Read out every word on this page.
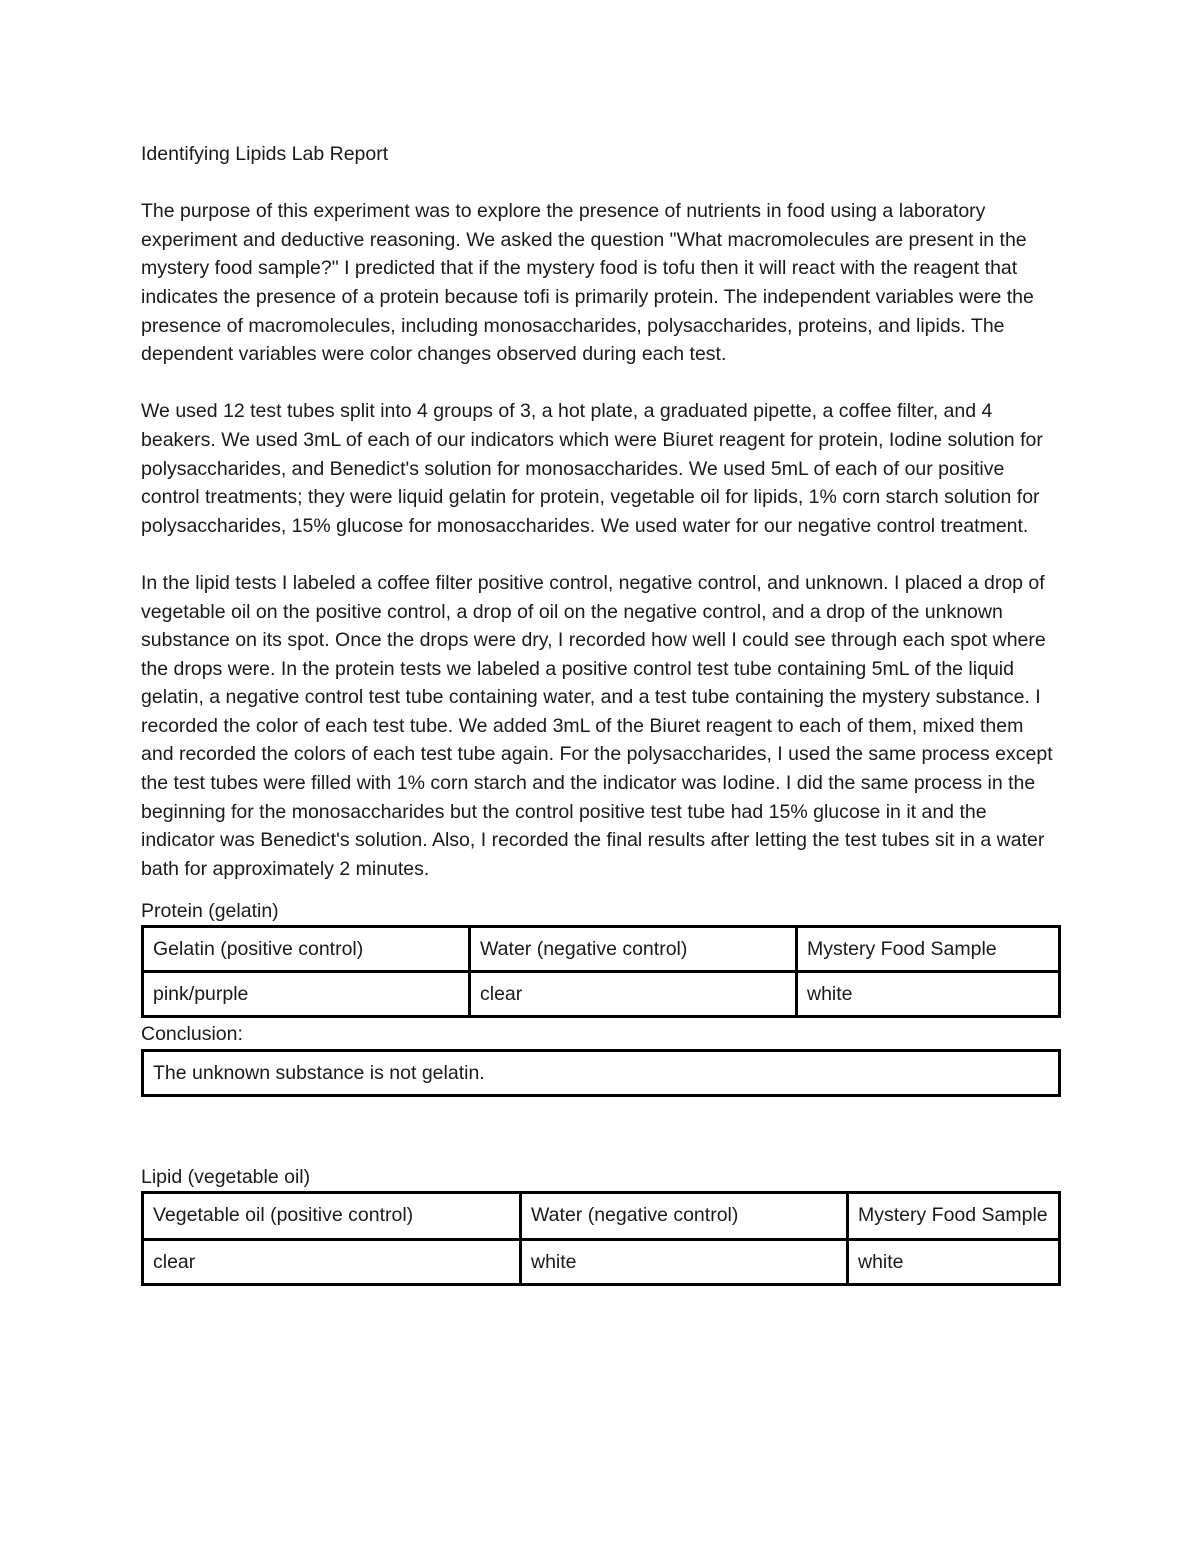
Identifying Lipids Lab Report

The purpose of this experiment was to explore the presence of nutrients in food using a laboratory experiment and deductive reasoning. We asked the question "What macromolecules are present in the mystery food sample?" I predicted that if the mystery food is tofu then it will react with the reagent that indicates the presence of a protein because tofi is primarily protein. The independent variables were the presence of macromolecules, including monosaccharides, polysaccharides, proteins, and lipids. The dependent variables were color changes observed during each test.

We used 12 test tubes split into 4 groups of 3, a hot plate, a graduated pipette, a coffee filter, and 4 beakers. We used 3mL of each of our indicators which were Biuret reagent for protein, Iodine solution for polysaccharides, and Benedict's solution for monosaccharides. We used 5mL of each of our positive control treatments; they were liquid gelatin for protein, vegetable oil for lipids, 1% corn starch solution for polysaccharides, 15% glucose for monosaccharides. We used water for our negative control treatment.

In the lipid tests I labeled a coffee filter positive control, negative control, and unknown. I placed a drop of vegetable oil on the positive control, a drop of oil on the negative control, and a drop of the unknown substance on its spot. Once the drops were dry, I recorded how well I could see through each spot where the drops were. In the protein tests we labeled a positive control test tube containing 5mL of the liquid gelatin, a negative control test tube containing water, and a test tube containing the mystery substance. I recorded the color of each test tube. We added 3mL of the Biuret reagent to each of them, mixed them and recorded the colors of each test tube again. For the polysaccharides, I used the same process except the test tubes were filled with 1% corn starch and the indicator was Iodine. I did the same process in the beginning for the monosaccharides but the control positive test tube had 15% glucose in it and the indicator was Benedict's solution. Also, I recorded the final results after letting the test tubes sit in a water bath for approximately 2 minutes.

Protein (gelatin)

Gelatin (positive control)	Water (negative control)	Mystery Food Sample
pink/purple	clear	white

Conclusion:

The unknown substance is not gelatin.

Lipid (vegetable oil)

Vegetable oil (positive control)	Water (negative control)	Mystery Food Sample
clear	white	white
